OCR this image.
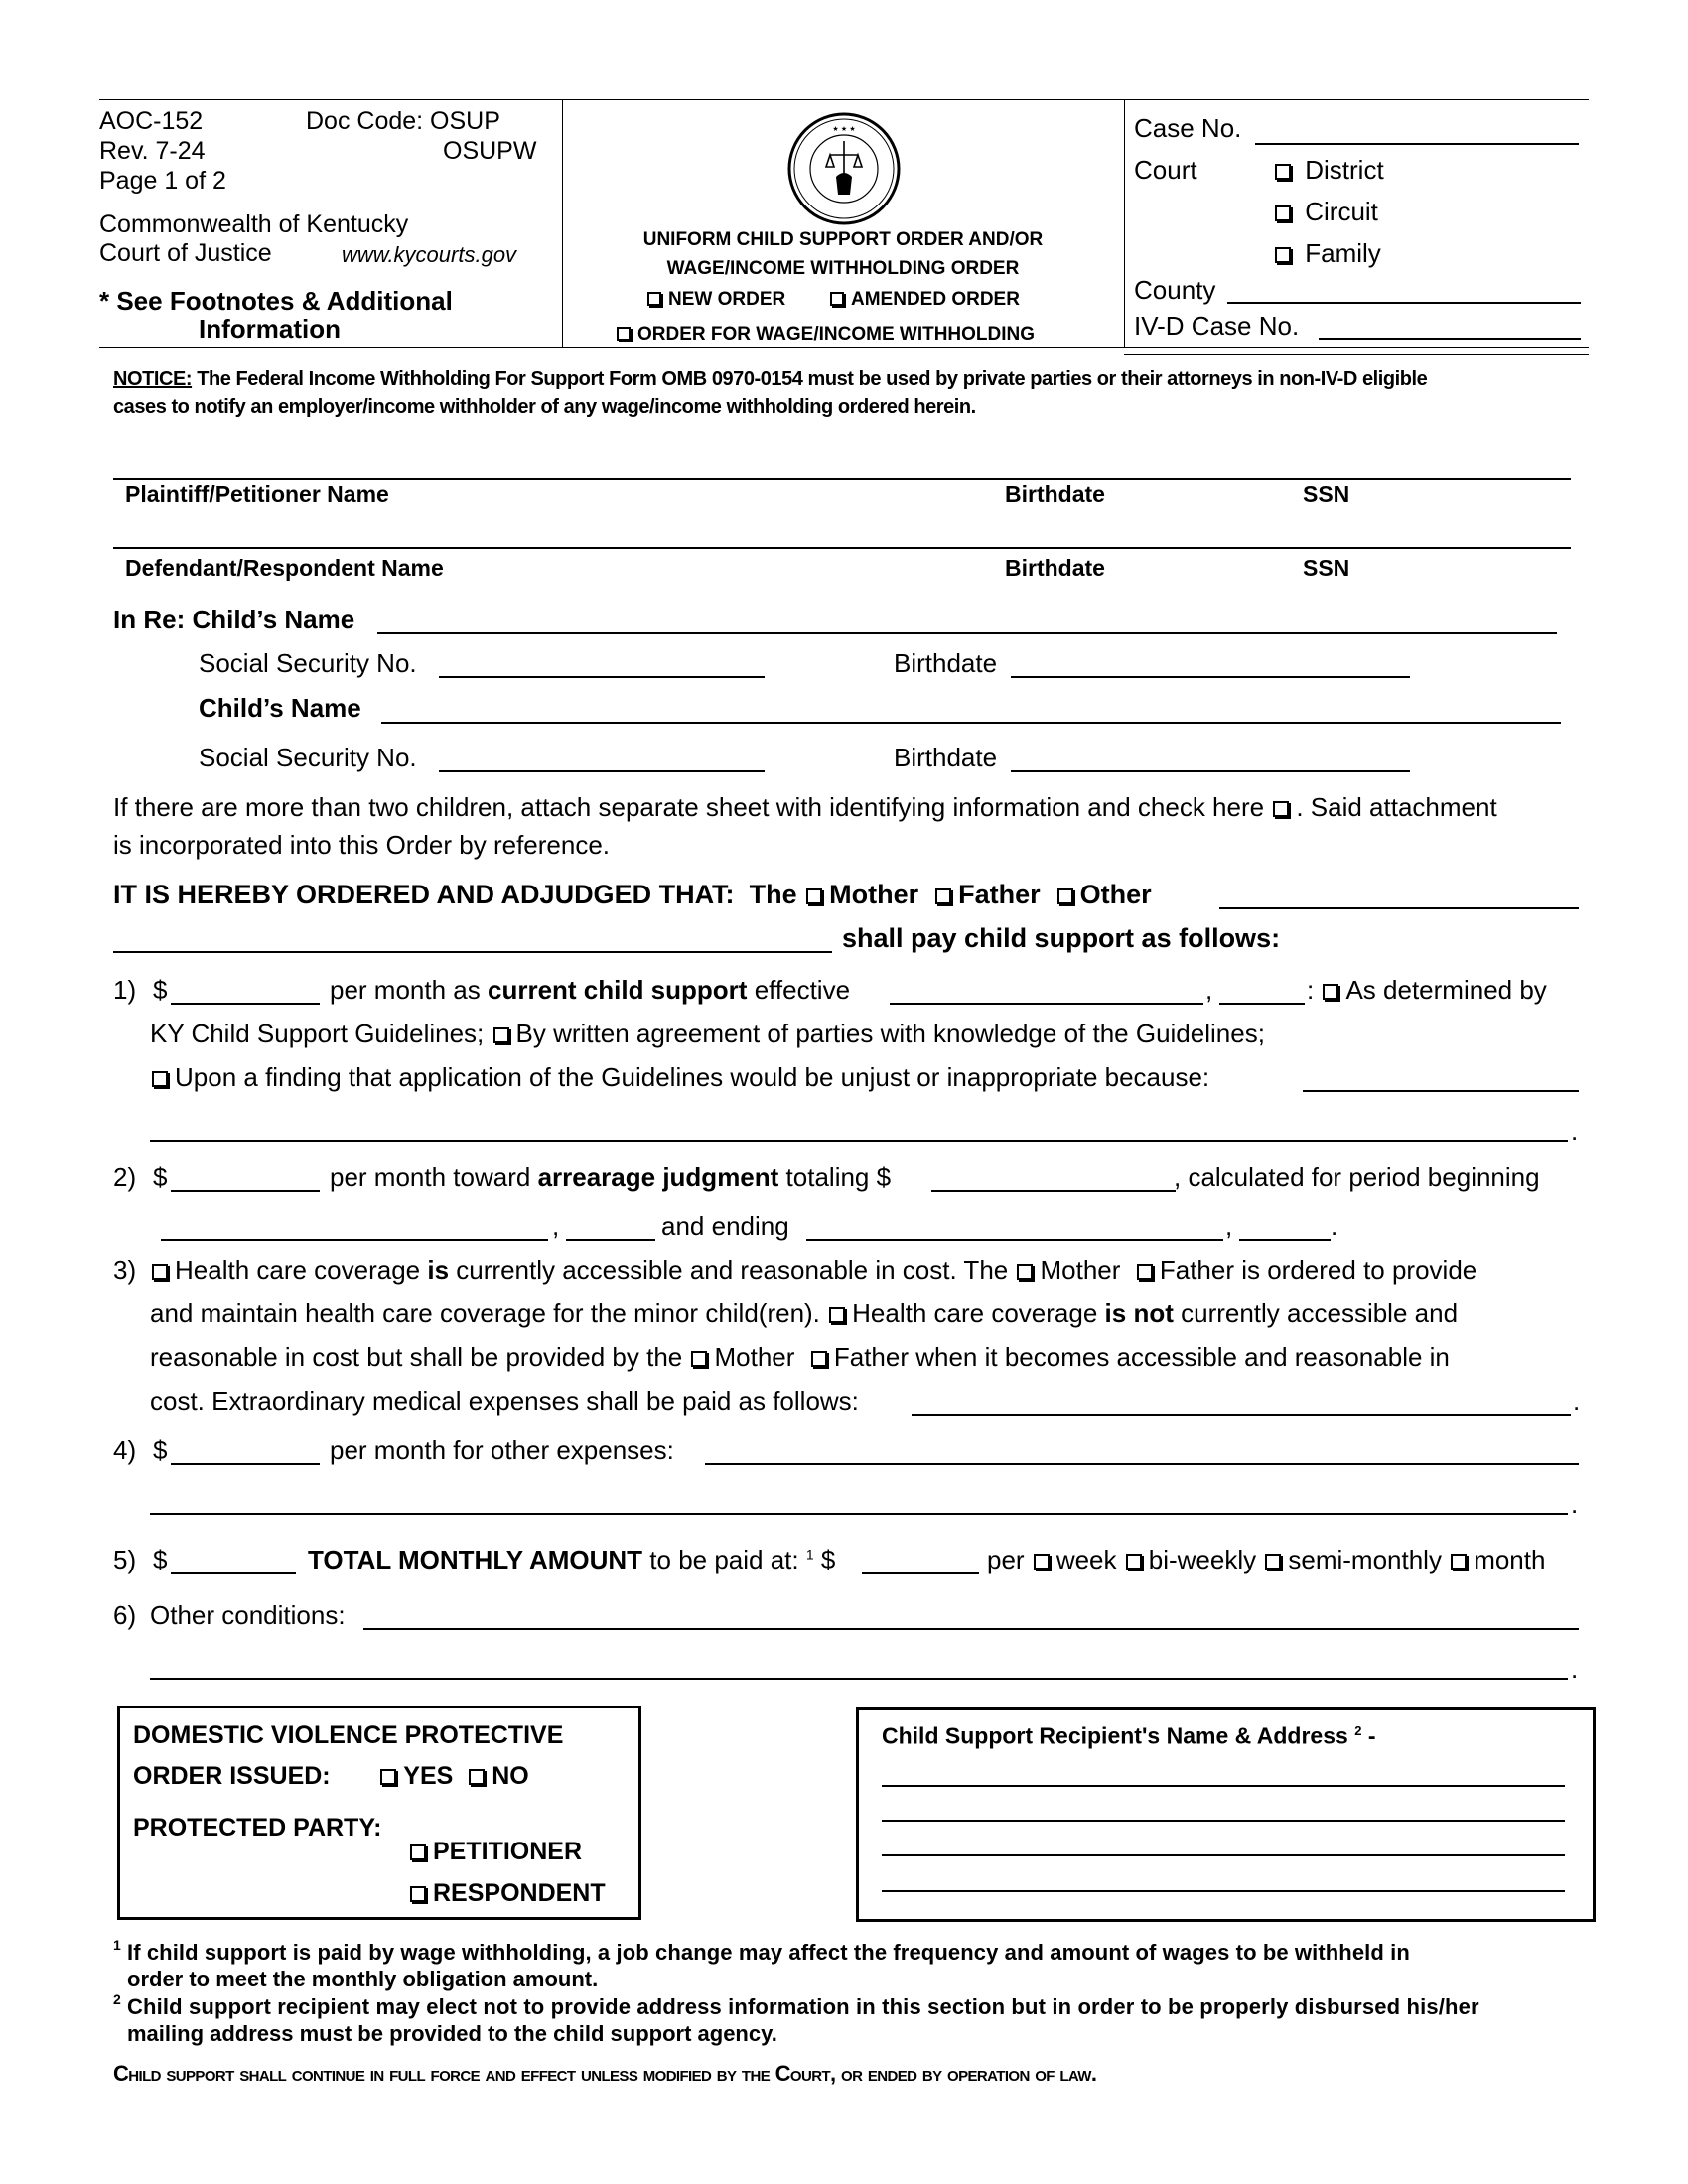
AOC-152
Rev. 7-24
Page 1 of 2
Doc Code: OSUP
OSUPW
Commonwealth of Kentucky
Court of Justice	www.kycourts.gov
* See Footnotes & Additional
Information
★ ★ ★
UNIFORM CHILD SUPPORT ORDER AND/OR
WAGE/INCOME WITHHOLDING ORDER
NEW ORDER	AMENDED ORDER
ORDER FOR WAGE/INCOME WITHHOLDING
Case No.
Court	District
Circuit
Family
County
IV-D Case No.
NOTICE: The Federal Income Withholding For Support Form OMB 0970-0154 must be used by private parties or their attorneys in non-IV-D eligible
cases to notify an employer/income withholder of any wage/income withholding ordered herein.
Plaintiff/Petitioner Name	Birthdate	SSN
Defendant/Respondent Name	Birthdate	SSN
In Re: Child’s Name
Social Security No.	Birthdate
Child’s Name
Social Security No.	Birthdate
If there are more than two children, attach separate sheet with identifying information and check here . Said attachment
is incorporated into this Order by reference.
IT IS HEREBY ORDERED AND ADJUDGED THAT: The Mother Father Other
shall pay child support as follows:
1) $	per month as current child support effective	,	: As determined by
KY Child Support Guidelines; By written agreement of parties with knowledge of the Guidelines;
Upon a finding that application of the Guidelines would be unjust or inappropriate because:
.
2) $	per month toward arrearage judgment totaling $	, calculated for period beginning
,	and ending	,	.
3)	Health care coverage is currently accessible and reasonable in cost. The Mother Father is ordered to provide
and maintain health care coverage for the minor child(ren). Health care coverage is not currently accessible and
reasonable in cost but shall be provided by the Mother Father when it becomes accessible and reasonable in
cost. Extraordinary medical expenses shall be paid as follows:	.
4) $	per month for other expenses:
.
5) $	TOTAL MONTHLY AMOUNT to be paid at: $^1$ $	per week bi-weekly semi-monthly month
6) Other conditions:
.
DOMESTIC VIOLENCE PROTECTIVE
ORDER ISSUED:	YES NO
PROTECTED PARTY:
PETITIONER
RESPONDENT
Child Support Recipient's Name & Address $^2$ -
1 If child support is paid by wage withholding, a job change may affect the frequency and amount of wages to be withheld in
order to meet the monthly obligation amount.
2 Child support recipient may elect not to provide address information in this section but in order to be properly disbursed his/her
mailing address must be provided to the child support agency.
Child support shall continue in full force and effect unless modified by the Court, or ended by operation of law.
